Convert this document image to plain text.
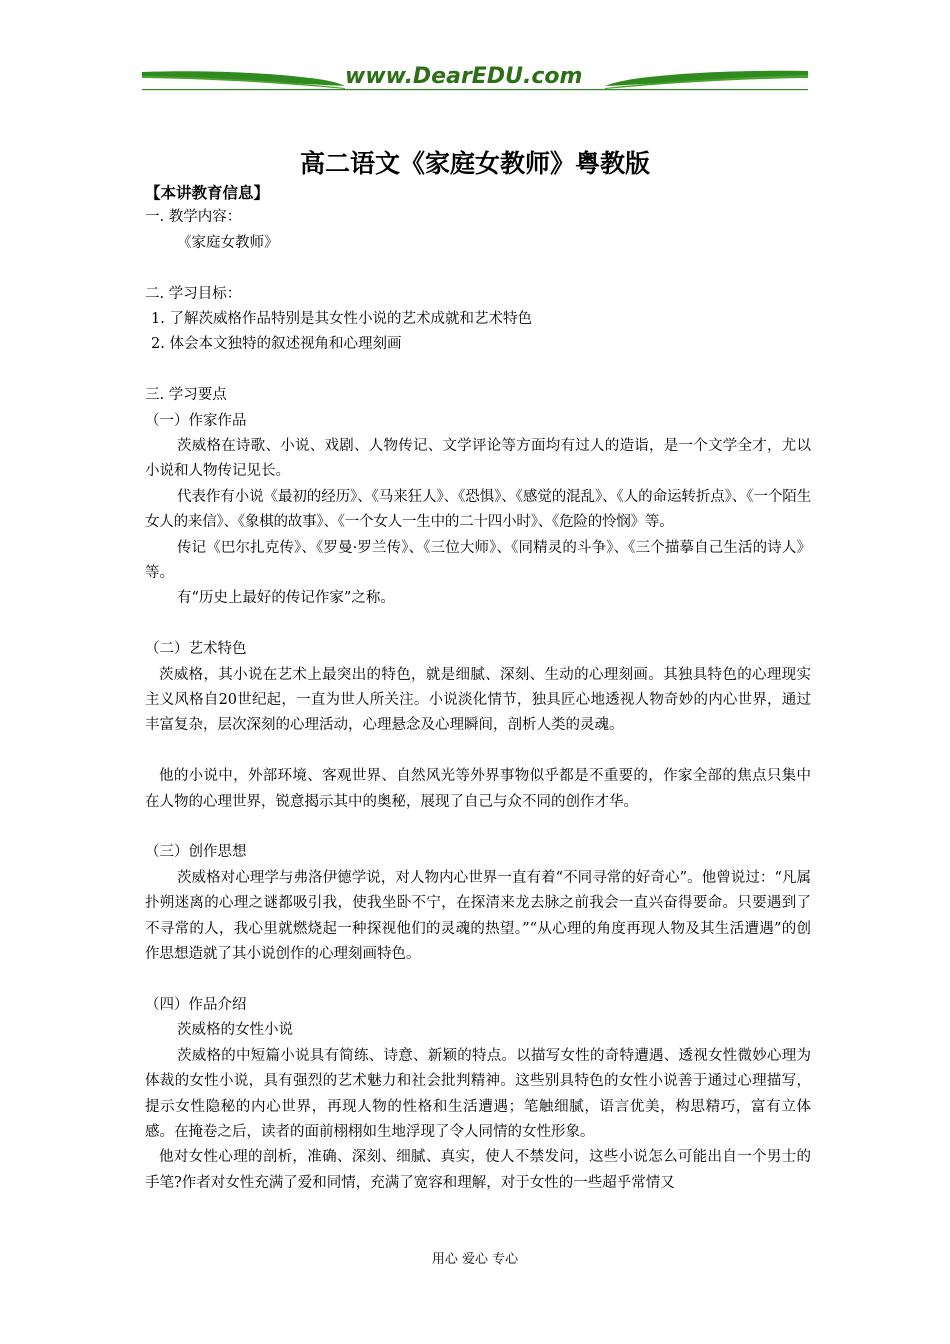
www.DearEDU.com
高二语文《家庭女教师》粤教版
【本讲教育信息】
一. 教学内容：
《家庭女教师》
二. 学习目标：
1. 了解茨威格作品特别是其女性小说的艺术成就和艺术特色
2. 体会本文独特的叙述视角和心理刻画
三. 学习要点
（一）作家作品
茨威格在诗歌、小说、戏剧、人物传记、文学评论等方面均有过人的造诣，是一个文学全才，尤以小说和人物传记见长。
代表作有小说《最初的经历》、《马来狂人》、《恐惧》、《感觉的混乱》、《人的命运转折点》、《一个陌生女人的来信》、《象棋的故事》、《一个女人一生中的二十四小时》、《危险的怜悯》等。
传记《巴尔扎克传》、《罗曼·罗兰传》、《三位大师》、《同精灵的斗争》、《三个描摹自己生活的诗人》等。
有“历史上最好的传记作家”之称。
（二）艺术特色
茨威格，其小说在艺术上最突出的特色，就是细腻、深刻、生动的心理刻画。其独具特色的心理现实主义风格自20世纪起，一直为世人所关注。小说淡化情节，独具匠心地透视人物奇妙的内心世界，通过丰富复杂，层次深刻的心理活动，心理悬念及心理瞬间，剖析人类的灵魂。
他的小说中，外部环境、客观世界、自然风光等外界事物似乎都是不重要的，作家全部的焦点只集中在人物的心理世界，锐意揭示其中的奥秘，展现了自己与众不同的创作才华。
（三）创作思想
茨威格对心理学与弗洛伊德学说，对人物内心世界一直有着“不同寻常的好奇心”。他曾说过：“凡属扑朔迷离的心理之谜都吸引我，使我坐卧不宁，在探清来龙去脉之前我会一直兴奋得要命。只要遇到了不寻常的人，我心里就燃烧起一种探视他们的灵魂的热望。”“从心理的角度再现人物及其生活遭遇”的创作思想造就了其小说创作的心理刻画特色。
（四）作品介绍
茨威格的女性小说
茨威格的中短篇小说具有简练、诗意、新颖的特点。以描写女性的奇特遭遇、透视女性微妙心理为体裁的女性小说，具有强烈的艺术魅力和社会批判精神。这些别具特色的女性小说善于通过心理描写，提示女性隐秘的内心世界，再现人物的性格和生活遭遇；笔触细腻，语言优美，构思精巧，富有立体感。在掩卷之后，读者的面前栩栩如生地浮现了令人同情的女性形象。
他对女性心理的剖析，准确、深刻、细腻、真实，使人不禁发问，这些小说怎么可能出自一个男士的手笔?作者对女性充满了爱和同情，充满了宽容和理解，对于女性的一些超乎常情又
用心 爱心 专心
